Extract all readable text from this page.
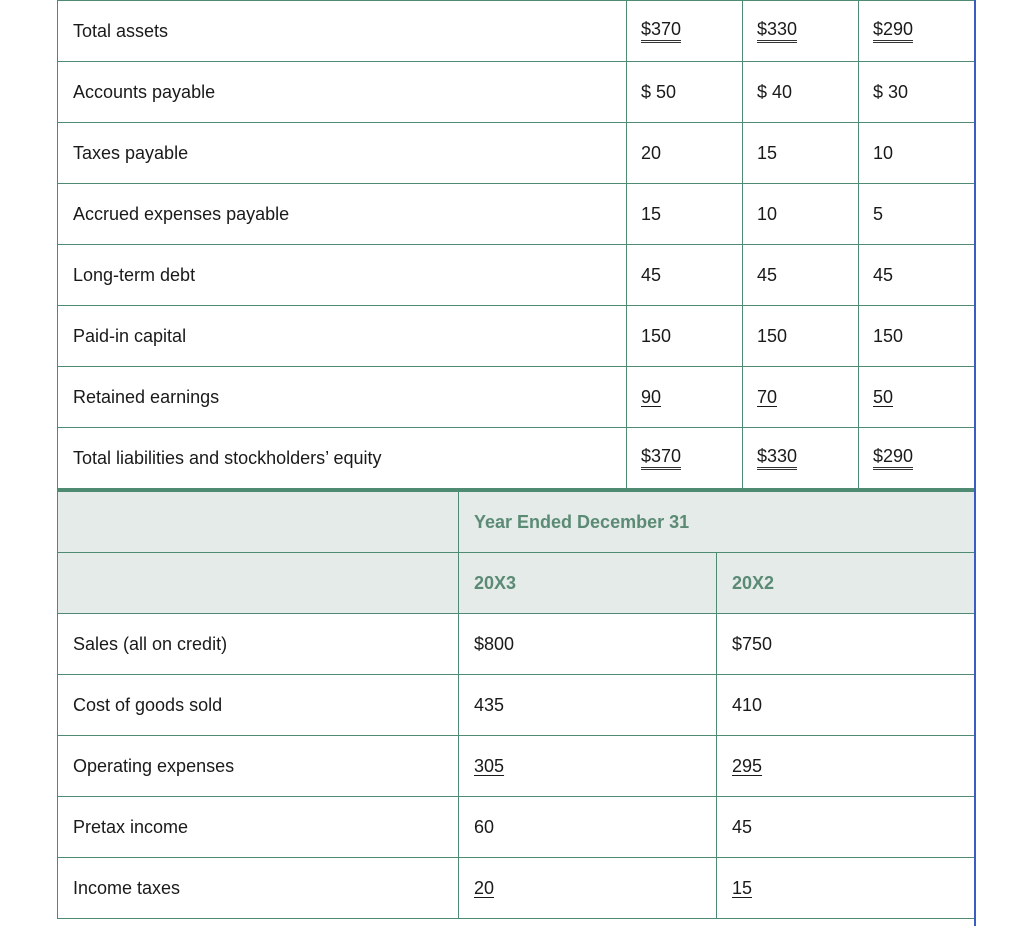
Total assets	$370	$330	$290
Accounts payable	$ 50	$ 40	$ 30
Taxes payable	20	15	10
Accrued expenses payable	15	10	5
Long-term debt	45	45	45
Paid-in capital	150	150	150
Retained earnings	90	70	50
Total liabilities and stockholders’ equity	$370	$330	$290
	Year Ended December 31	
	20X3	20X2
Sales (all on credit)	$800	$750
Cost of goods sold	435	410
Operating expenses	305	295
Pretax income	60	45
Income taxes	20	15
